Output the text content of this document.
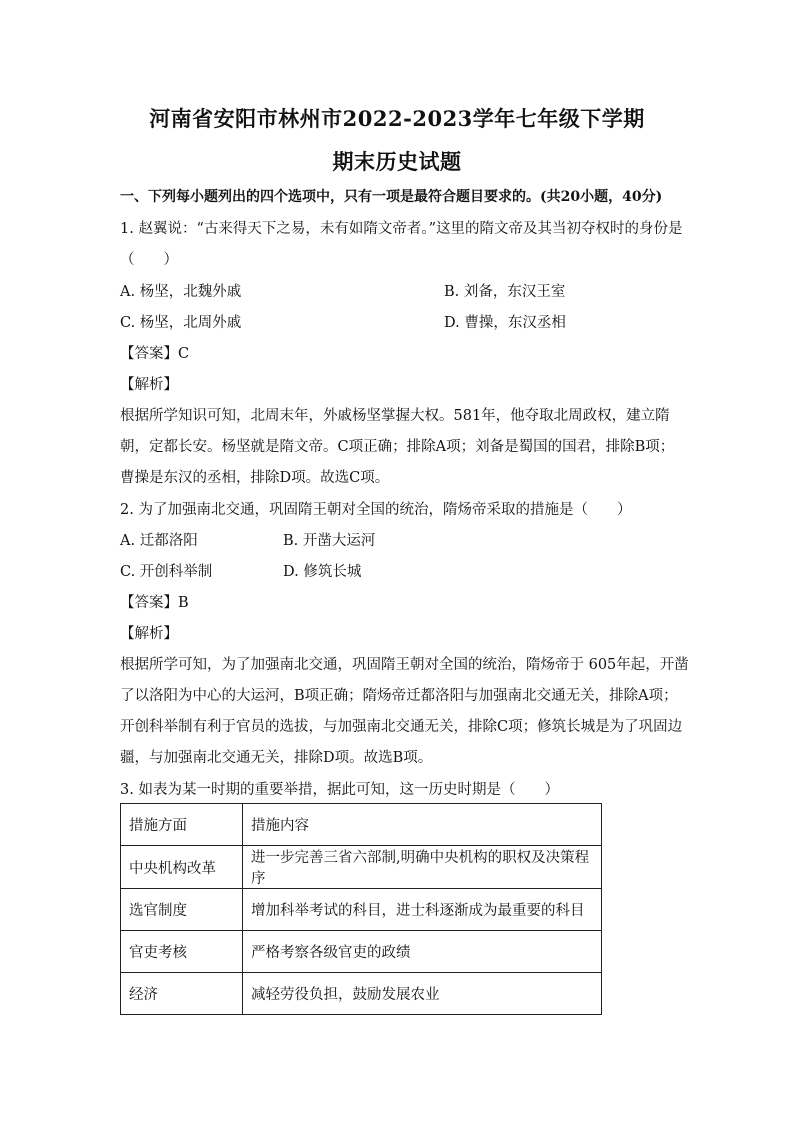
河南省安阳市林州市2022-2023学年七年级下学期
期末历史试题
一、下列每小题列出的四个选项中，只有一项是最符合题目要求的。(共20小题，40分)
1. 赵翼说：“古来得天下之易，未有如隋文帝者。”这里的隋文帝及其当初夺权时的身份是
（　　）
A. 杨坚，北魏外戚	B. 刘备，东汉王室
C. 杨坚，北周外戚	D. 曹操，东汉丞相
【答案】C
【解析】
根据所学知识可知，北周末年，外戚杨坚掌握大权。581年，他夺取北周政权，建立隋
朝，定都长安。杨坚就是隋文帝。C项正确；排除A项；刘备是蜀国的国君，排除B项；
曹操是东汉的丞相，排除D项。故选C项。
2. 为了加强南北交通，巩固隋王朝对全国的统治，隋炀帝采取的措施是（　　）
A. 迁都洛阳	B. 开凿大运河
C. 开创科举制	D. 修筑长城
【答案】B
【解析】
根据所学可知，为了加强南北交通，巩固隋王朝对全国的统治，隋炀帝于 605年起，开凿
了以洛阳为中心的大运河，B项正确；隋炀帝迁都洛阳与加强南北交通无关，排除A项；
开创科举制有利于官员的选拔，与加强南北交通无关，排除C项；修筑长城是为了巩固边
疆，与加强南北交通无关，排除D项。故选B项。
3. 如表为某一时期的重要举措，据此可知，这一历史时期是（　　）
措施方面	措施内容
中央机构改革	进一步完善三省六部制,明确中央机构的职权及决策程序
选官制度	增加科举考试的科目，进士科逐渐成为最重要的科目
官吏考核	严格考察各级官吏的政绩
经济	减轻劳役负担，鼓励发展农业
